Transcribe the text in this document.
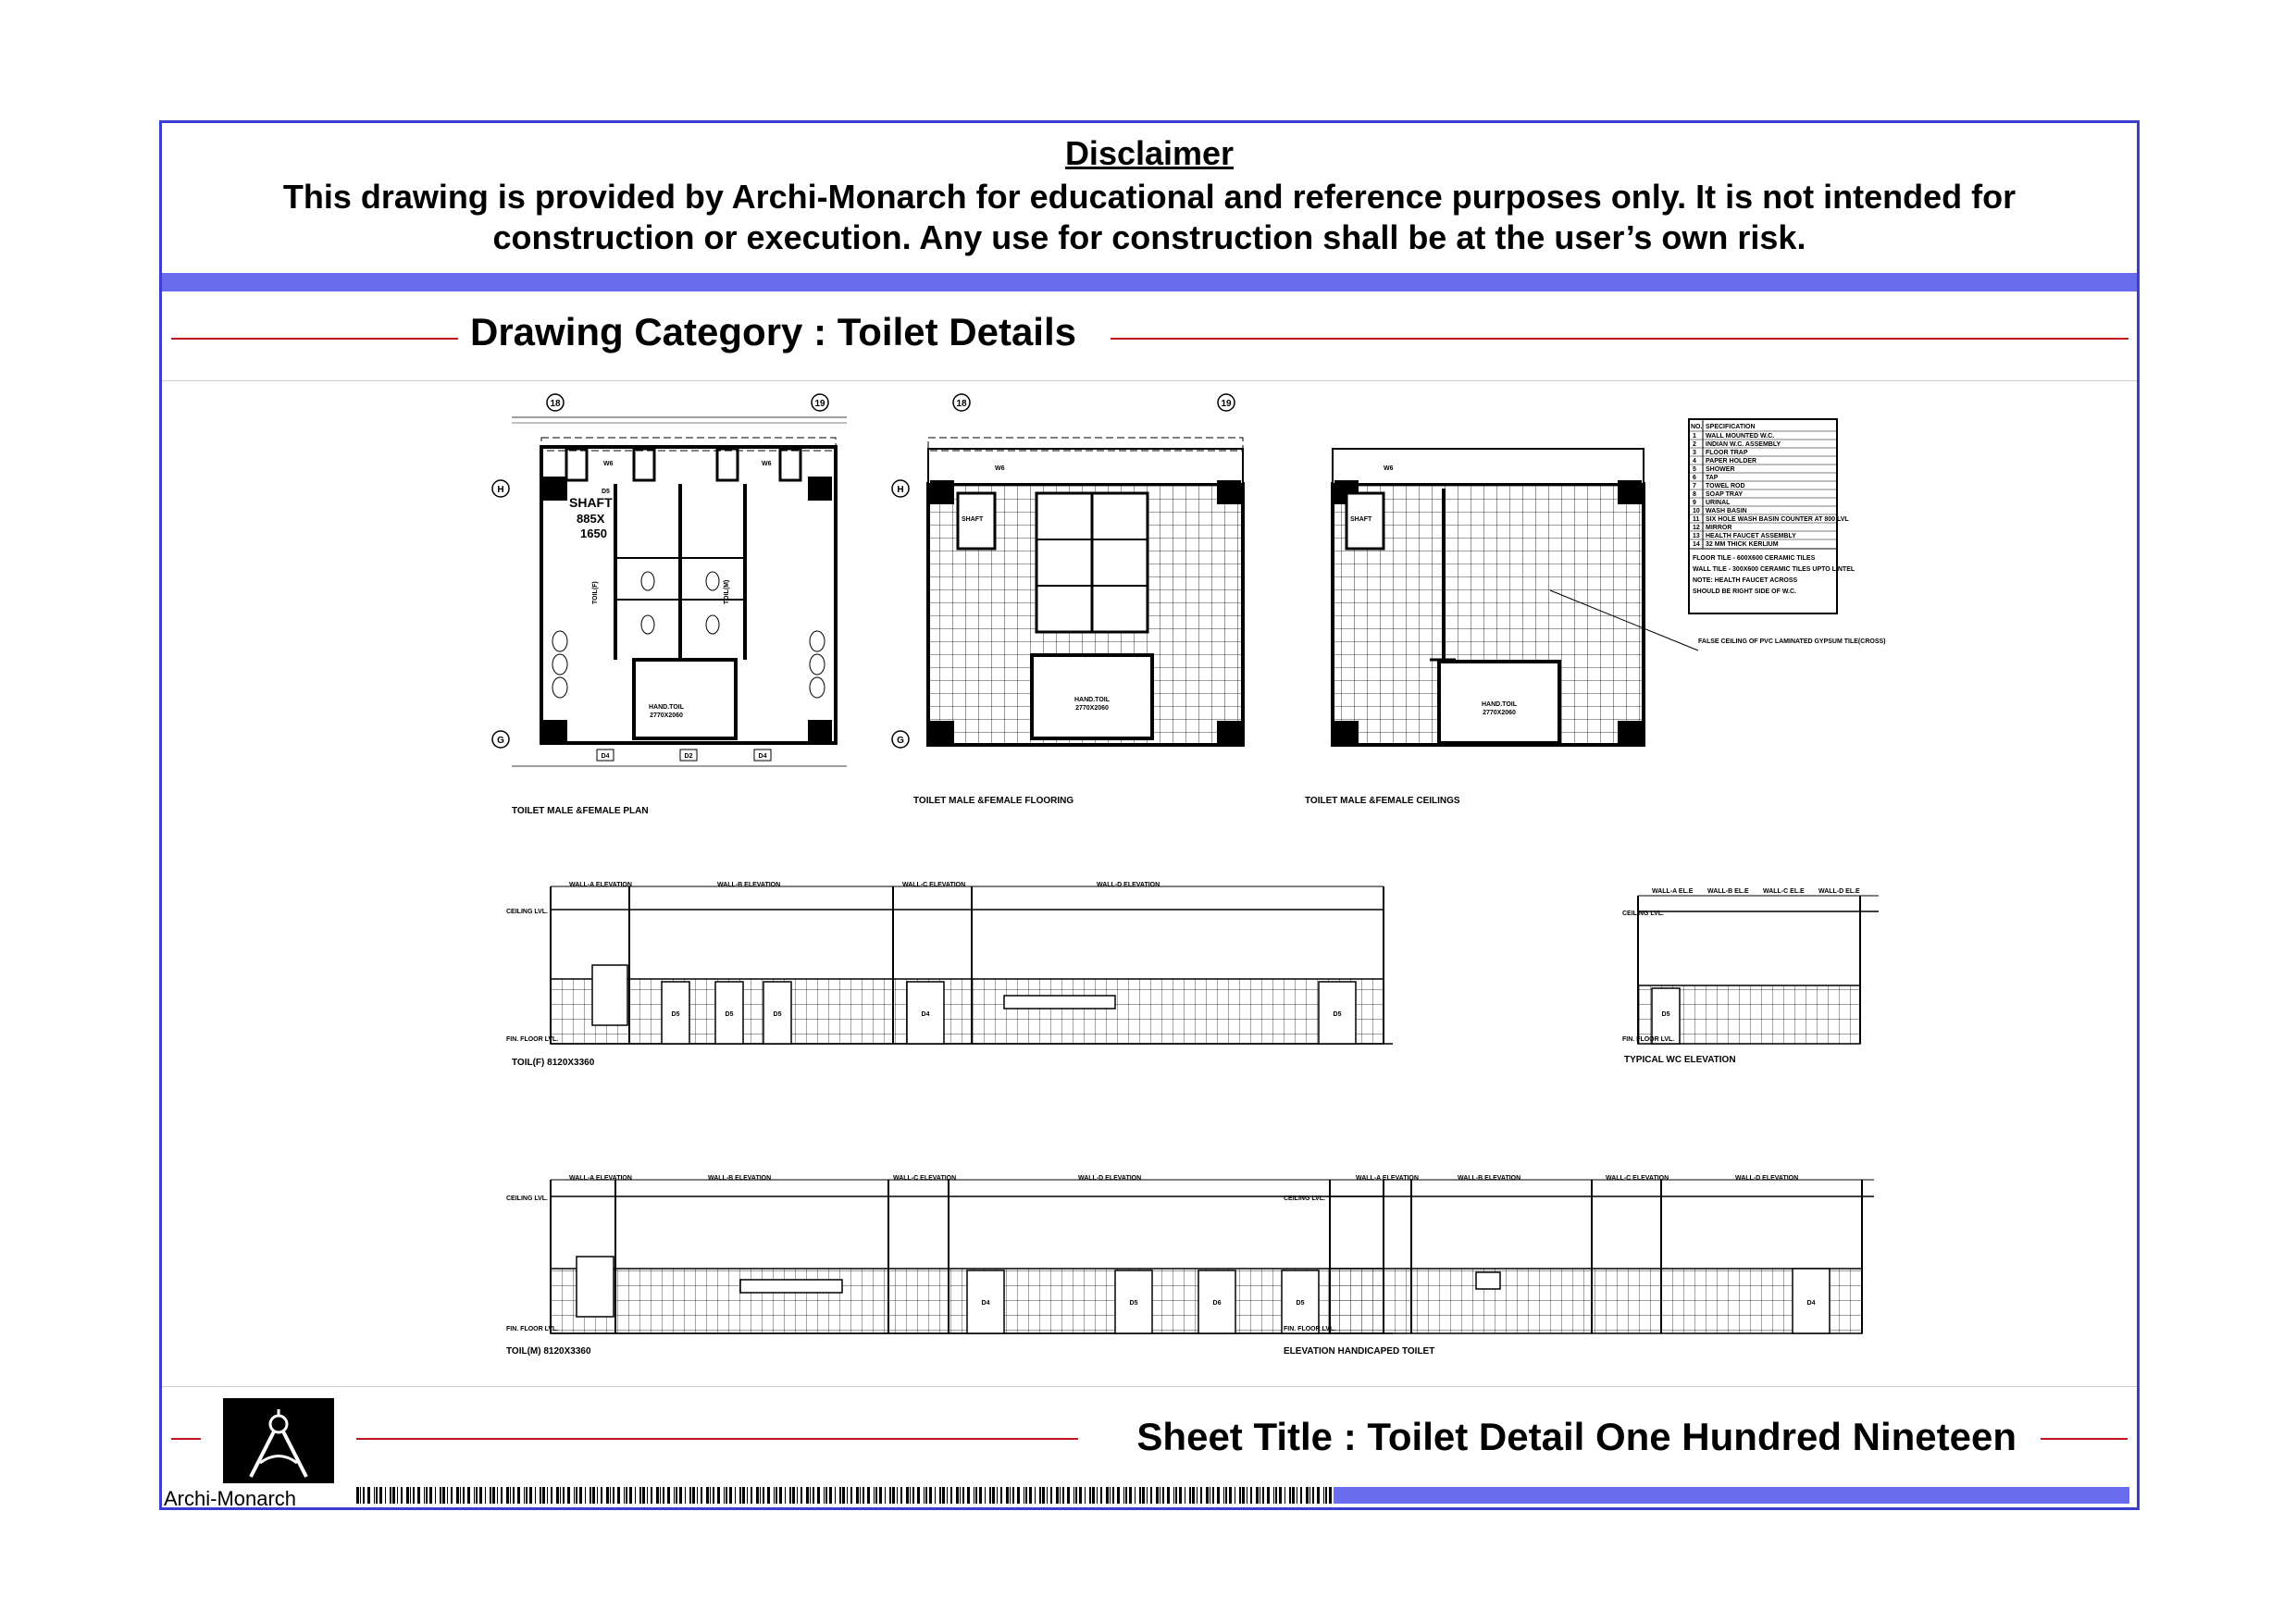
Disclaimer
This drawing is provided by Archi-Monarch for educational and reference purposes only. It is not intended for construction or execution. Any use for construction shall be at the user’s own risk.
Drawing Category : Toilet Details
18	19
H
G
W6	W6
SHAFT
885X
1650
TOIL(F)	TOIL(M)
HAND.TOIL
2770X2060
D4	D2	D4
D5
TOILET MALE &FEMALE PLAN
18	19
H
G
SHAFT
HAND.TOIL
2770X2060
W6
TOILET MALE &FEMALE FLOORING
SHAFT
HAND.TOIL
2770X2060
FALSE CEILING OF PVC LAMINATED GYPSUM TILE(CROSS)
W6
TOILET MALE &FEMALE CEILINGS
NO. SPECIFICATION
1 WALL MOUNTED W.C.
2 INDIAN W.C. ASSEMBLY
3 FLOOR TRAP
4 PAPER HOLDER
5 SHOWER
6 TAP
7 TOWEL ROD
8 SOAP TRAY
9 URINAL
10 WASH BASIN
11 SIX HOLE WASH BASIN COUNTER AT 800 LVL
12 MIRROR
13 HEALTH FAUCET ASSEMBLY
14 32 MM THICK KERLIUM
FLOOR TILE - 600X600 CERAMIC TILES
WALL TILE - 300X600 CERAMIC TILES UPTO LINTEL
NOTE: HEALTH FAUCET ACROSS
SHOULD BE RIGHT SIDE OF W.C.
D5	D5	D5	D4	D5
WALL-A ELEVATION	WALL-B ELEVATION	WALL-C ELEVATION	WALL-D ELEVATION
CEILING LVL.
FIN. FLOOR LVL.
TOIL(F) 8120X3360
D5
WALL-A EL.E WALL-B EL.E WALL-C EL.E WALL-D EL.E
CEILING LVL.
FIN. FLOOR LVL.
TYPICAL WC ELEVATION
D4	D5	D6	D5
WALL-A ELEVATION	WALL-B ELEVATION	WALL-C ELEVATION	WALL-D ELEVATION
CEILING LVL.
FIN. FLOOR LVL.
TOIL(M) 8120X3360
D4
WALL-A ELEVATION	WALL-B ELEVATION	WALL-C ELEVATION	WALL-D ELEVATION
CEILING LVL.
FIN. FLOOR LVL.
ELEVATION HANDICAPED TOILET
Sheet Title : Toilet Detail One Hundred Nineteen
Archi-Monarch
